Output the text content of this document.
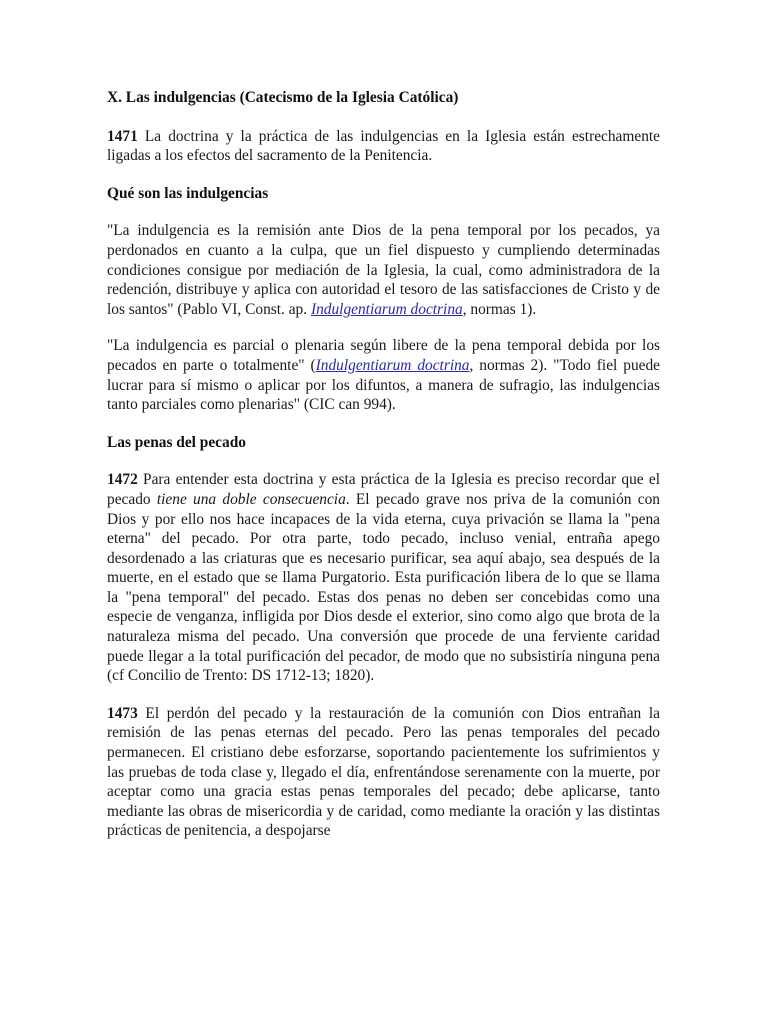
X. Las indulgencias (Catecismo de la Iglesia Católica)

1471 La doctrina y la práctica de las indulgencias en la Iglesia están estrechamente ligadas a los efectos del sacramento de la Penitencia.

Qué son las indulgencias

"La indulgencia es la remisión ante Dios de la pena temporal por los pecados, ya perdonados en cuanto a la culpa, que un fiel dispuesto y cumpliendo determinadas condiciones consigue por mediación de la Iglesia, la cual, como administradora de la redención, distribuye y aplica con autoridad el tesoro de las satisfacciones de Cristo y de los santos" (Pablo VI, Const. ap. Indulgentiarum doctrina, normas 1).

"La indulgencia es parcial o plenaria según libere de la pena temporal debida por los pecados en parte o totalmente" (Indulgentiarum doctrina, normas 2). "Todo fiel puede lucrar para sí mismo o aplicar por los difuntos, a manera de sufragio, las indulgencias tanto parciales como plenarias" (CIC can 994).

Las penas del pecado

1472 Para entender esta doctrina y esta práctica de la Iglesia es preciso recordar que el pecado tiene una doble consecuencia. El pecado grave nos priva de la comunión con Dios y por ello nos hace incapaces de la vida eterna, cuya privación se llama la "pena eterna" del pecado. Por otra parte, todo pecado, incluso venial, entraña apego desordenado a las criaturas que es necesario purificar, sea aquí abajo, sea después de la muerte, en el estado que se llama Purgatorio. Esta purificación libera de lo que se llama la "pena temporal" del pecado. Estas dos penas no deben ser concebidas como una especie de venganza, infligida por Dios desde el exterior, sino como algo que brota de la naturaleza misma del pecado. Una conversión que procede de una ferviente caridad puede llegar a la total purificación del pecador, de modo que no subsistiría ninguna pena (cf Concilio de Trento: DS 1712-13; 1820).

1473 El perdón del pecado y la restauración de la comunión con Dios entrañan la remisión de las penas eternas del pecado. Pero las penas temporales del pecado permanecen. El cristiano debe esforzarse, soportando pacientemente los sufrimientos y las pruebas de toda clase y, llegado el día, enfrentándose serenamente con la muerte, por aceptar como una gracia estas penas temporales del pecado; debe aplicarse, tanto mediante las obras de misericordia y de caridad, como mediante la oración y las distintas prácticas de penitencia, a despojarse
